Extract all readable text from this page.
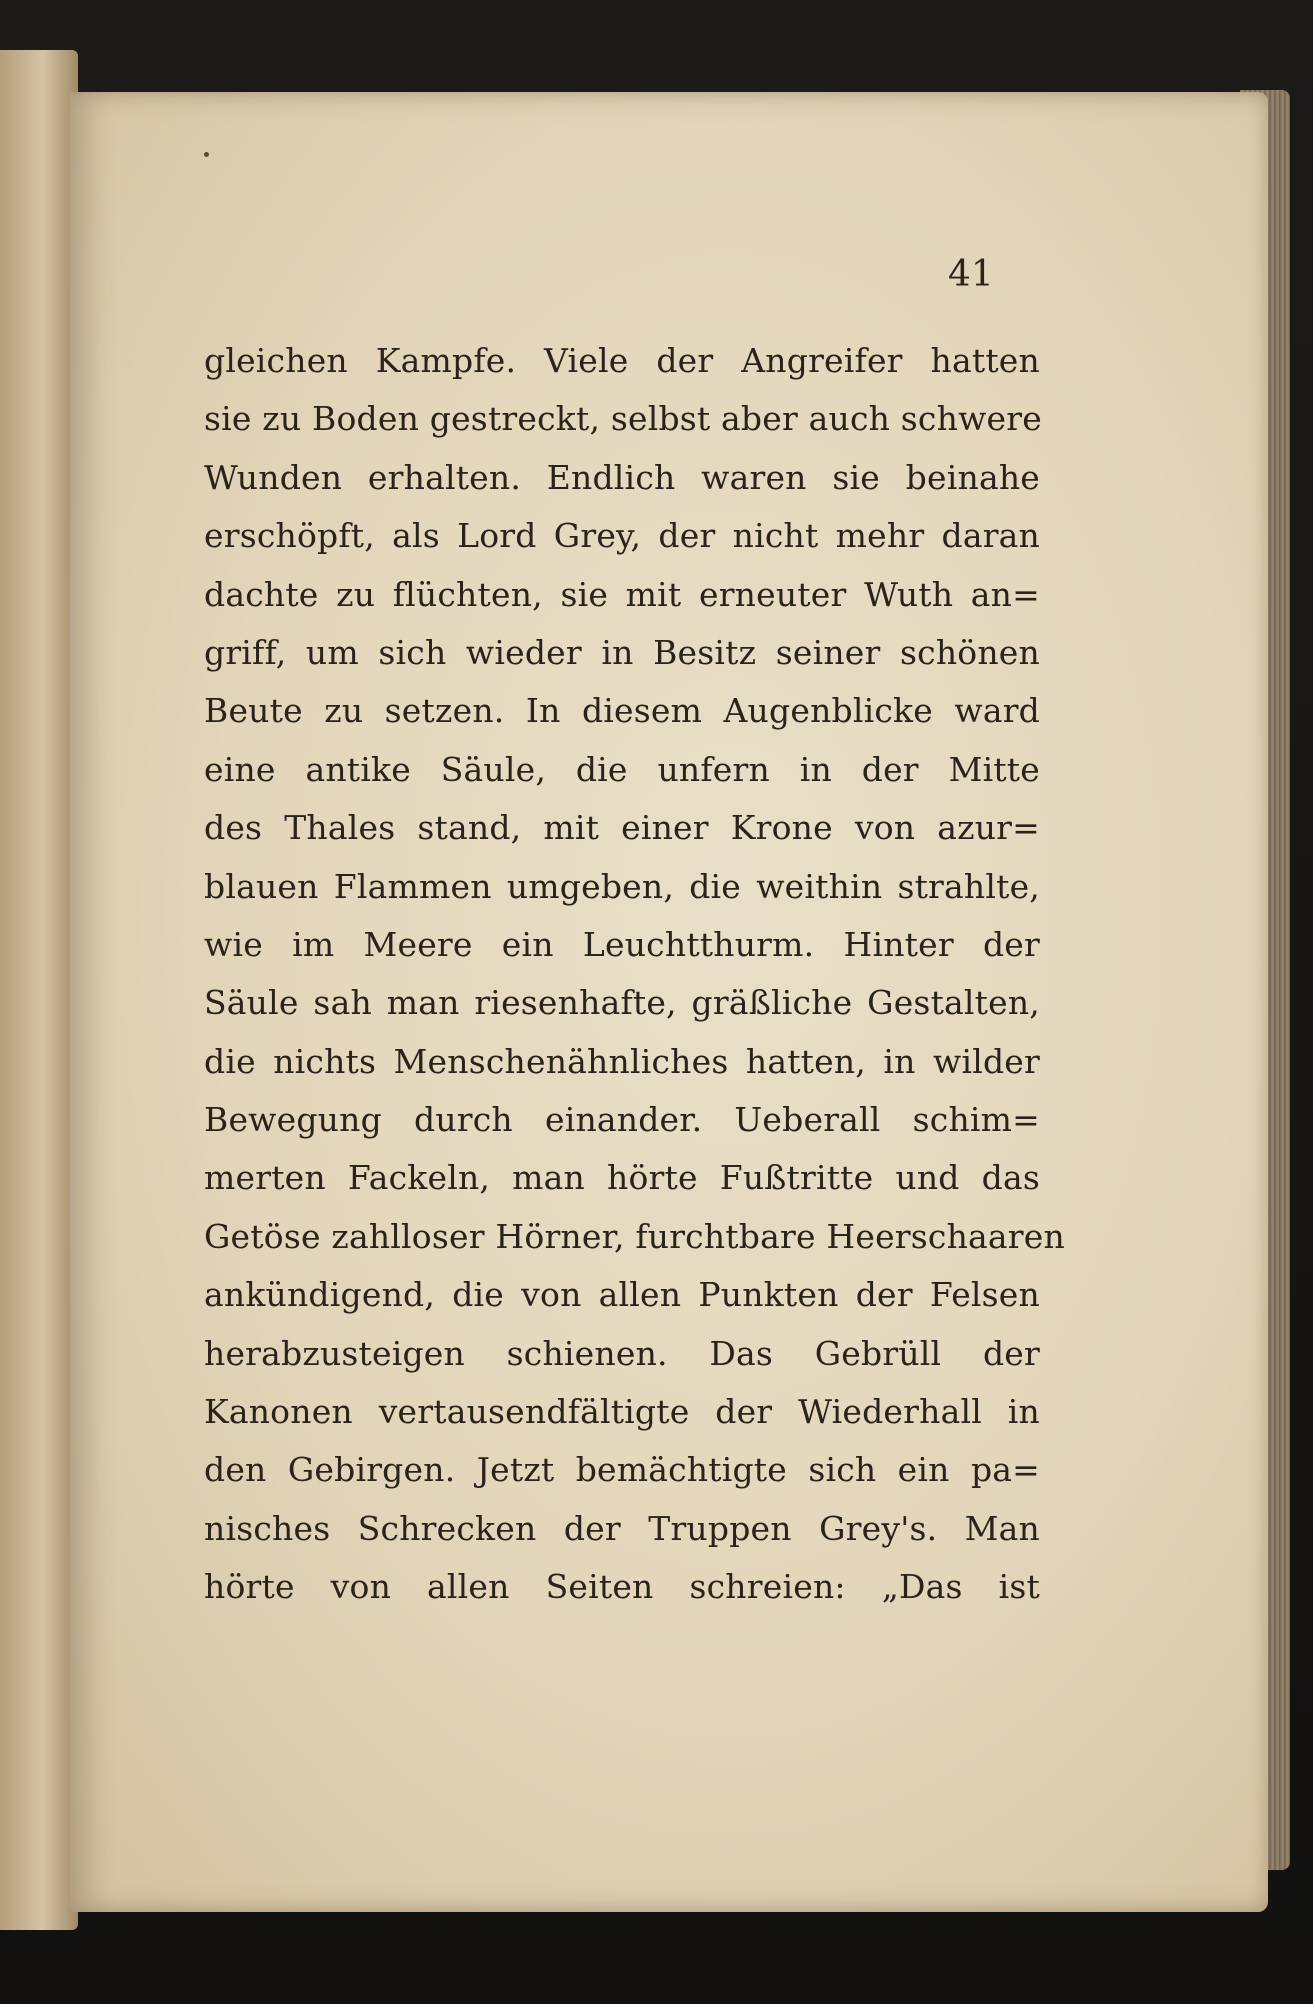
41

gleichen Kampfe. Viele der Angreifer hatten
sie zu Boden gestreckt, selbst aber auch schwere
Wunden erhalten. Endlich waren sie beinahe
erschöpft, als Lord Grey, der nicht mehr daran
dachte zu flüchten, sie mit erneuter Wuth an=
griff, um sich wieder in Besitz seiner schönen
Beute zu setzen. In diesem Augenblicke ward
eine antike Säule, die unfern in der Mitte
des Thales stand, mit einer Krone von azur=
blauen Flammen umgeben, die weithin strahlte,
wie im Meere ein Leuchtthurm. Hinter der
Säule sah man riesenhafte, gräßliche Gestalten,
die nichts Menschenähnliches hatten, in wilder
Bewegung durch einander. Ueberall schim=
merten Fackeln, man hörte Fußtritte und das
Getöse zahlloser Hörner, furchtbare Heerschaaren
ankündigend, die von allen Punkten der Felsen
herabzusteigen schienen. Das Gebrüll der
Kanonen vertausendfältigte der Wiederhall in
den Gebirgen. Jetzt bemächtigte sich ein pa=
nisches Schrecken der Truppen Grey's. Man
hörte von allen Seiten schreien: „Das ist
